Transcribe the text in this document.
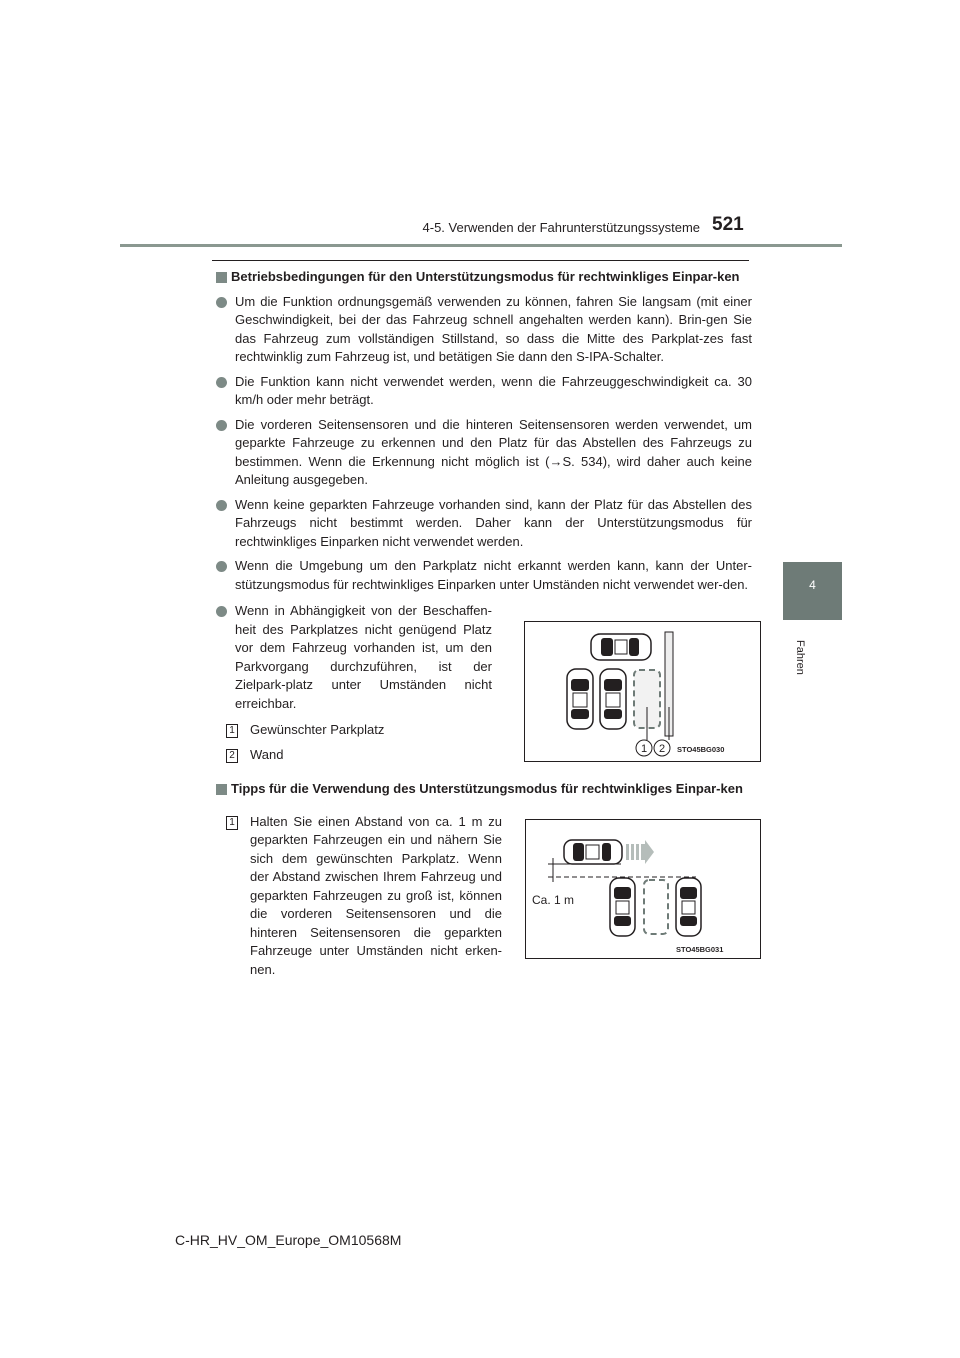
4-5. Verwenden der Fahrunterstützungssysteme 521
4
Fahren
Betriebsbedingungen für den Unterstützungsmodus für rechtwinkliges Einpar-ken
Um die Funktion ordnungsgemäß verwenden zu können, fahren Sie langsam (mit einer Geschwindigkeit, bei der das Fahrzeug schnell angehalten werden kann). Brin-gen Sie das Fahrzeug zum vollständigen Stillstand, so dass die Mitte des Parkplat-zes fast rechtwinklig zum Fahrzeug ist, und betätigen Sie dann den S-IPA-Schalter.
Die Funktion kann nicht verwendet werden, wenn die Fahrzeuggeschwindigkeit ca. 30 km/h oder mehr beträgt.
Die vorderen Seitensensoren und die hinteren Seitensensoren werden verwendet, um geparkte Fahrzeuge zu erkennen und den Platz für das Abstellen des Fahrzeugs zu bestimmen. Wenn die Erkennung nicht möglich ist (→S. 534), wird daher auch keine Anleitung ausgegeben.
Wenn keine geparkten Fahrzeuge vorhanden sind, kann der Platz für das Abstellen des Fahrzeugs nicht bestimmt werden. Daher kann der Unterstützungsmodus für rechtwinkliges Einparken nicht verwendet werden.
Wenn die Umgebung um den Parkplatz nicht erkannt werden kann, kann der Unter-stützungsmodus für rechtwinkliges Einparken unter Umständen nicht verwendet wer-den.
Wenn in Abhängigkeit von der Beschaffen-heit des Parkplatzes nicht genügend Platz vor dem Fahrzeug vorhanden ist, um den Parkvorgang durchzuführen, ist der Zielpark-platz unter Umständen nicht erreichbar.
1 Gewünschter Parkplatz
2 Wand
Tipps für die Verwendung des Unterstützungsmodus für rechtwinkliges Einpar-ken
1 Halten Sie einen Abstand von ca. 1 m zu geparkten Fahrzeugen ein und nähern Sie sich dem gewünschten Parkplatz. Wenn der Abstand zwischen Ihrem Fahrzeug und geparkten Fahrzeugen zu groß ist, können die vorderen Seitensensoren und die hinteren Seitensensoren die geparkten Fahrzeuge unter Umständen nicht erken-nen.
1 2 STO45BG030
Ca. 1 m
STO45BG031
C-HR_HV_OM_Europe_OM10568M
